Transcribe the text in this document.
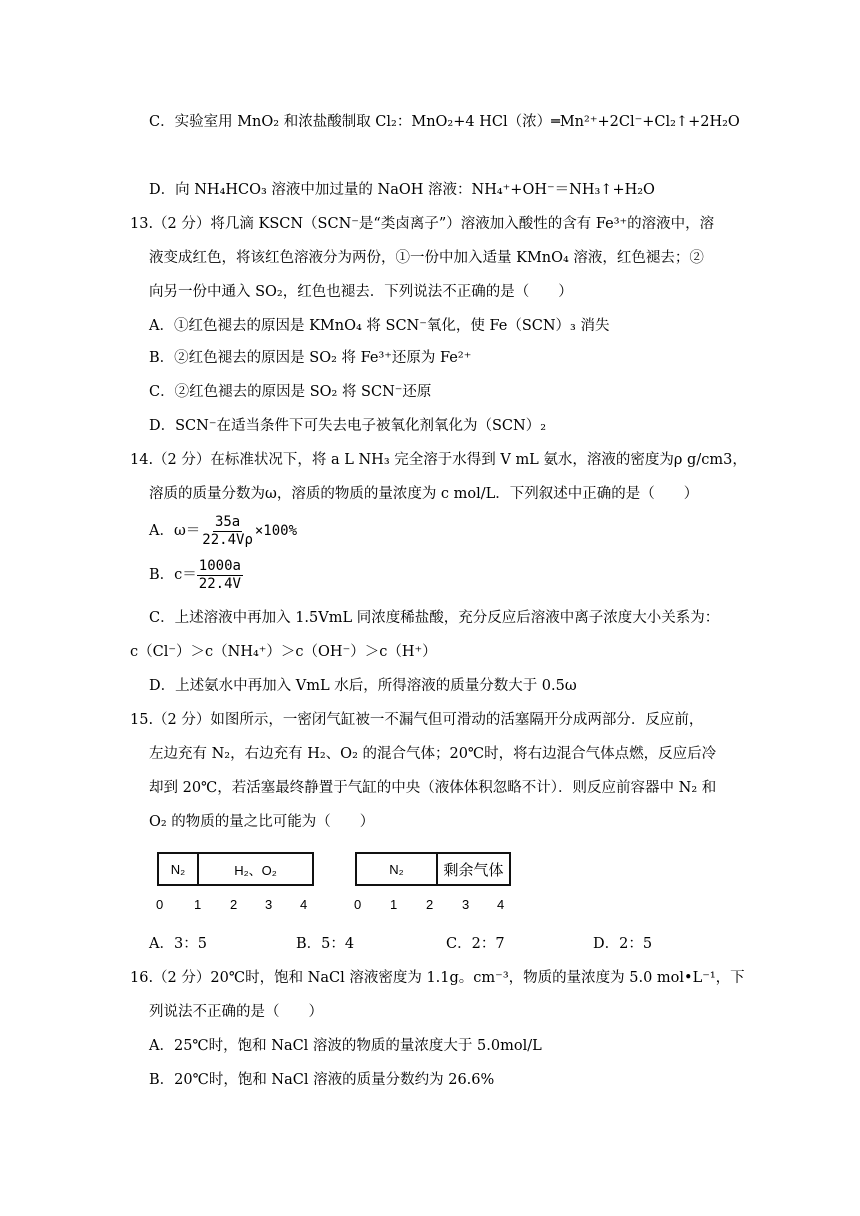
C．实验室用 MnO₂ 和浓盐酸制取 Cl₂：MnO₂+4 HCl（浓）═Mn²⁺+2Cl⁻+Cl₂↑+2H₂O
D．向 NH₄HCO₃ 溶液中加过量的 NaOH 溶液：NH₄⁺+OH⁻＝NH₃↑+H₂O
13.（2 分）将几滴 KSCN（SCN⁻是“类卤离子”）溶液加入酸性的含有 Fe³⁺的溶液中，溶
液变成红色，将该红色溶液分为两份，①一份中加入适量 KMnO₄ 溶液，红色褪去；②
向另一份中通入 SO₂，红色也褪去．下列说法不正确的是（　　）
A．①红色褪去的原因是 KMnO₄ 将 SCN⁻氧化，使 Fe（SCN）₃ 消失
B．②红色褪去的原因是 SO₂ 将 Fe³⁺还原为 Fe²⁺
C．②红色褪去的原因是 SO₂ 将 SCN⁻还原
D．SCN⁻在适当条件下可失去电子被氧化剂氧化为（SCN）₂
14.（2 分）在标准状况下，将 a L NH₃ 完全溶于水得到 V mL 氨水，溶液的密度为ρ g/cm3，
溶质的质量分数为ω，溶质的物质的量浓度为 c mol/L．下列叙述中正确的是（　　）
A．$\omega= \frac{35a}{22.4V\rho} \times 100\%$
B．$c= \frac{1000a}{22.4V}$
C．上述溶液中再加入 1.5VmL 同浓度稀盐酸，充分反应后溶液中离子浓度大小关系为：
c（Cl⁻）＞c（NH₄⁺）＞c（OH⁻）＞c（H⁺）
D．上述氨水中再加入 VmL 水后，所得溶液的质量分数大于 0.5ω
15.（2 分）如图所示，一密闭气缸被一不漏气但可滑动的活塞隔开分成两部分．反应前，
左边充有 N₂，右边充有 H₂、O₂ 的混合气体；20℃时，将右边混合气体点燃，反应后冷
却到 20℃，若活塞最终静置于气缸的中央（液体体积忽略不计）．则反应前容器中 N₂ 和
O₂ 的物质的量之比可能为（　　）
N₂	H₂、O₂
0 1 2 3 4
N₂	剩余气体
0 1 2 3 4
A．3：5	B．5：4	C．2：7	D．2：5
16.（2 分）20℃时，饱和 NaCl 溶液密度为 1.1g。cm⁻³，物质的量浓度为 5.0 mol•L⁻¹，下
列说法不正确的是（　　）
A．25℃时，饱和 NaCl 溶波的物质的量浓度大于 5.0mol/L
B．20℃时，饱和 NaCl 溶液的质量分数约为 26.6%
